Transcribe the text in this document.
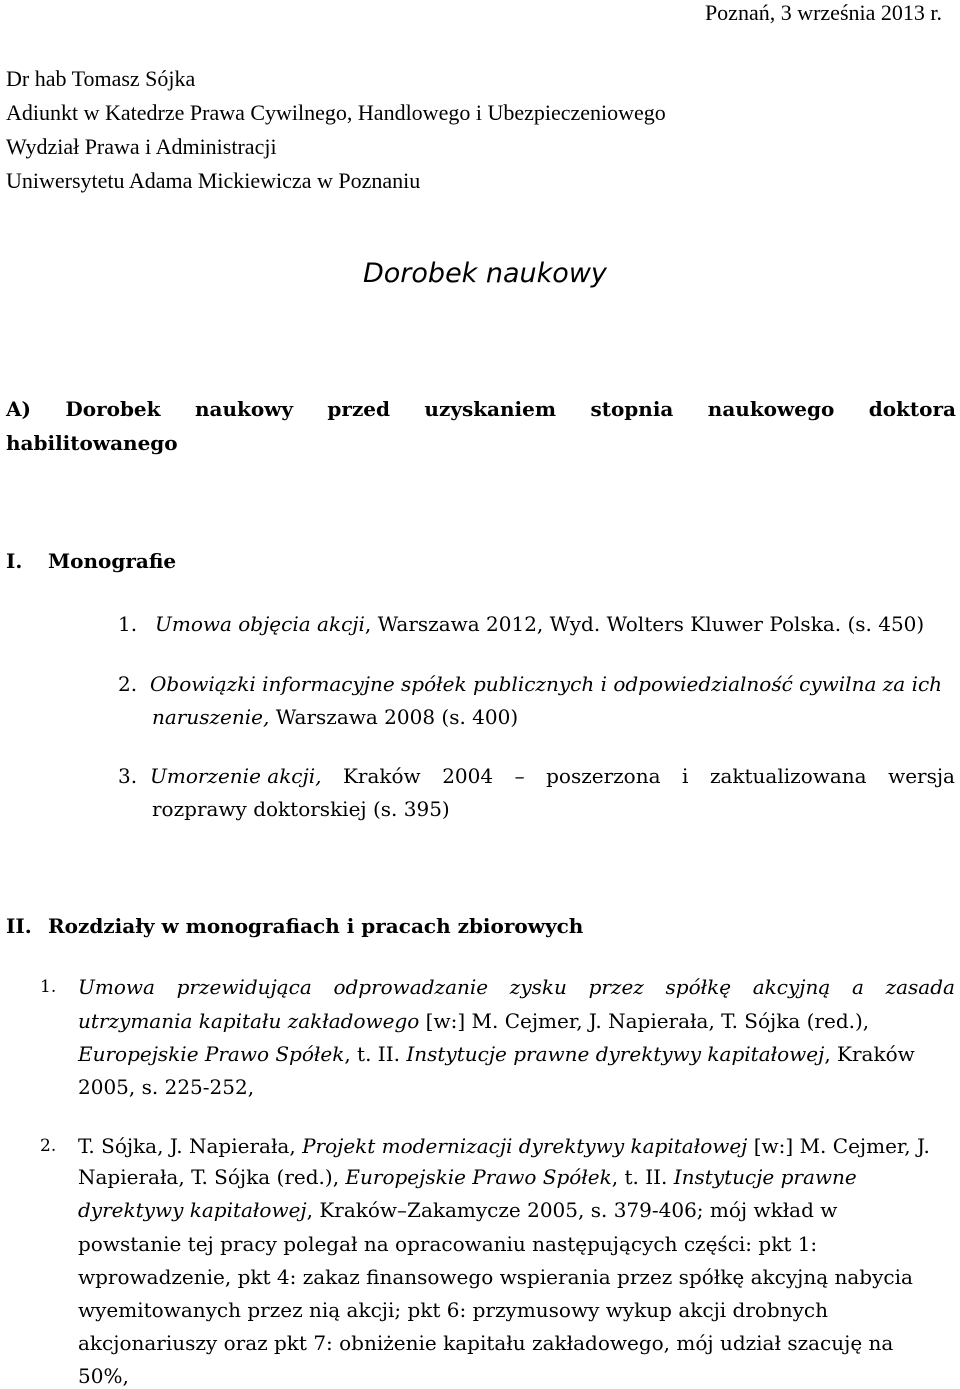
Poznań, 3 września 2013 r.
Dr hab Tomasz Sójka
Adiunkt w Katedrze Prawa Cywilnego, Handlowego i Ubezpieczeniowego
Wydział Prawa i Administracji
Uniwersytetu Adama Mickiewicza w Poznaniu
Dorobek naukowy
A) Dorobek naukowy przed uzyskaniem stopnia naukowego doktora
habilitowanego
I. Monografie
1. Umowa objęcia akcji, Warszawa 2012, Wyd. Wolters Kluwer Polska. (s. 450)
2. Obowiązki informacyjne spółek publicznych i odpowiedzialność cywilna za ich
naruszenie, Warszawa 2008 (s. 400)
3. Umorzenie akcji, Kraków 2004 – poszerzona i zaktualizowana wersja
rozprawy doktorskiej (s. 395)
II. Rozdziały w monografiach i pracach zbiorowych
1. Umowa przewidująca odprowadzanie zysku przez spółkę akcyjną a zasada
utrzymania kapitału zakładowego [w:] M. Cejmer, J. Napierała, T. Sójka (red.),
Europejskie Prawo Spółek, t. II. Instytucje prawne dyrektywy kapitałowej, Kraków
2005, s. 225-252,
2. T. Sójka, J. Napierała, Projekt modernizacji dyrektywy kapitałowej [w:] M. Cejmer, J.
Napierała, T. Sójka (red.), Europejskie Prawo Spółek, t. II. Instytucje prawne
dyrektywy kapitałowej, Kraków–Zakamycze 2005, s. 379-406; mój wkład w
powstanie tej pracy polegał na opracowaniu następujących części: pkt 1:
wprowadzenie, pkt 4: zakaz finansowego wspierania przez spółkę akcyjną nabycia
wyemitowanych przez nią akcji; pkt 6: przymusowy wykup akcji drobnych
akcjonariuszy oraz pkt 7: obniżenie kapitału zakładowego, mój udział szacuję na
50%,
